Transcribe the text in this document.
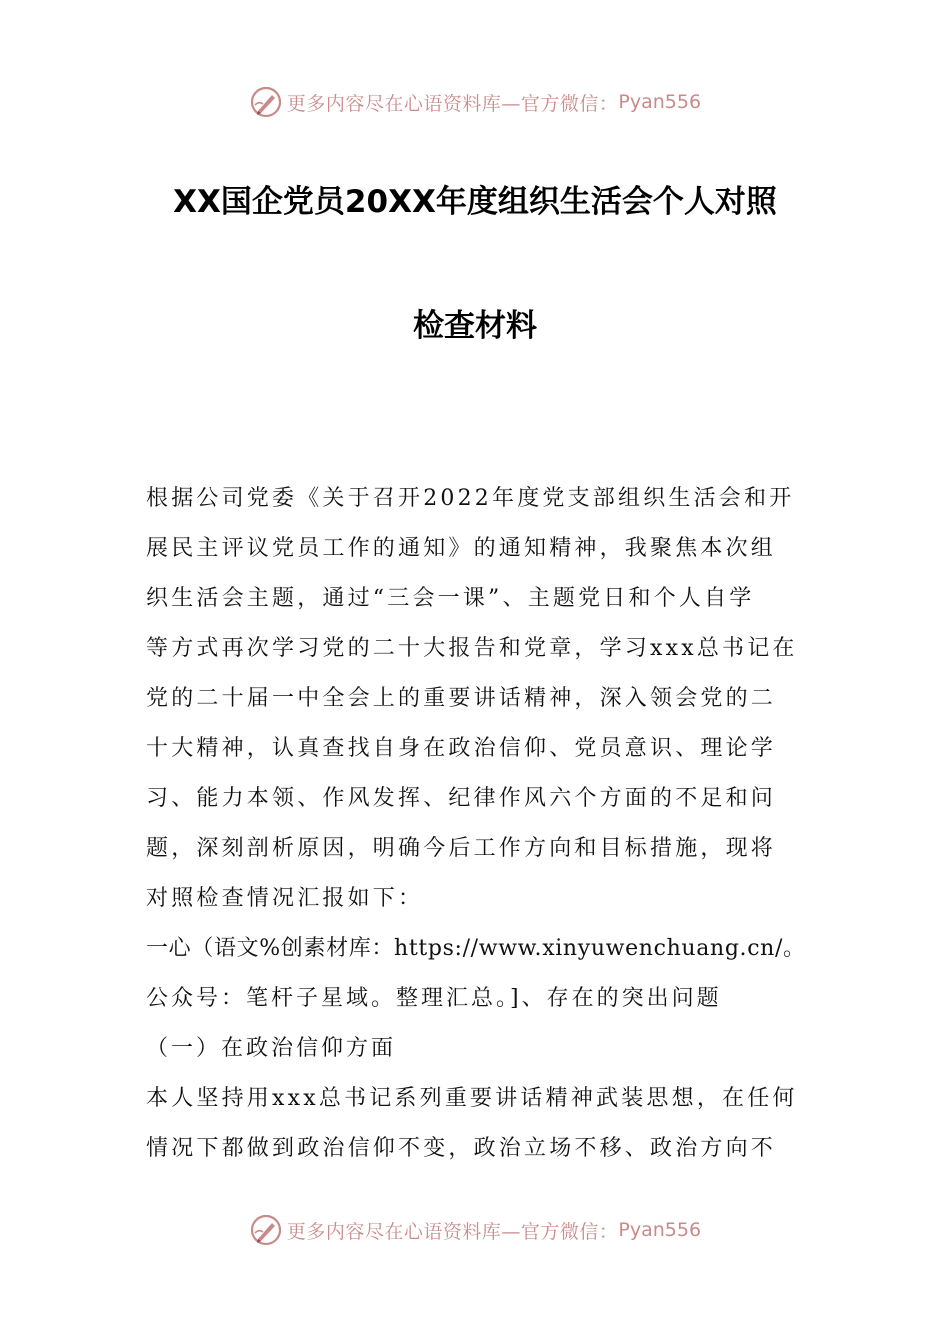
更多内容尽在心语资料库—官方微信： Pyan556
XX国企党员20XX年度组织生活会个人对照
检查材料
根据公司党委《关于召开2022年度党支部组织生活会和开
展民主评议党员工作的通知》的通知精神，我聚焦本次组
织生活会主题，通过“三会一课”、主题党日和个人自学
等方式再次学习党的二十大报告和党章，学习xxx总书记在
党的二十届一中全会上的重要讲话精神，深入领会党的二
十大精神，认真查找自身在政治信仰、党员意识、理论学
习、能力本领、作风发挥、纪律作风六个方面的不足和问
题，深刻剖析原因，明确今后工作方向和目标措施，现将
对照检查情况汇报如下：
一心（语文%创素材库：https://www.xinyuwenchuang.cn/。
公众号：笔杆子星域。整理汇总。]、存在的突出问题
（一）在政治信仰方面
本人坚持用xxx总书记系列重要讲话精神武装思想，在任何
情况下都做到政治信仰不变，政治立场不移、政治方向不
更多内容尽在心语资料库—官方微信： Pyan556
